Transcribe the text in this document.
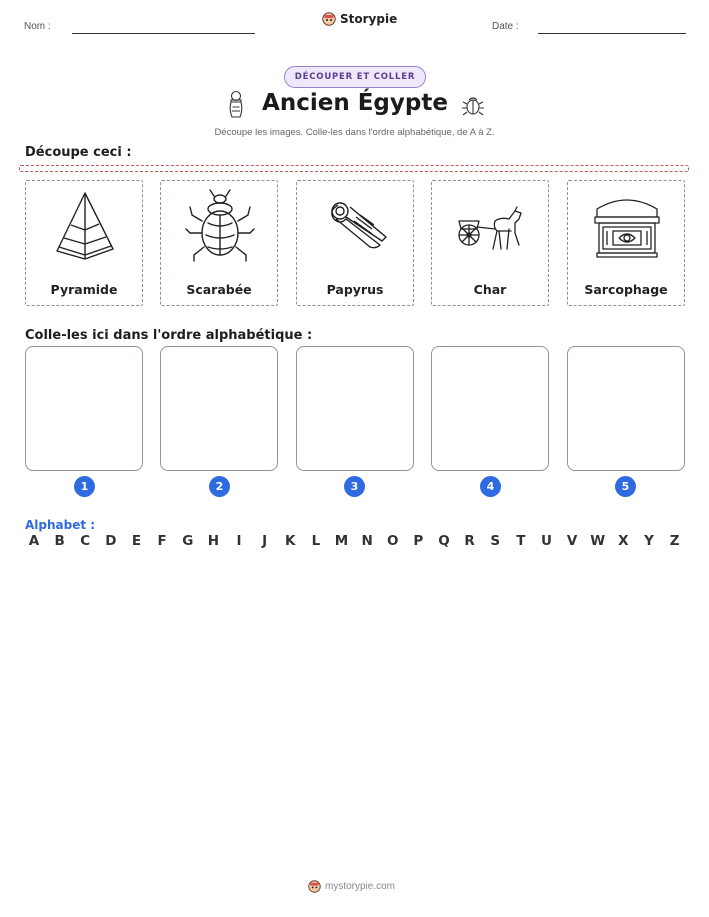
Nom :
Storypie
Date :
DÉCOUPER ET COLLER
Ancien Égypte
Découpe les images. Colle-les dans l'ordre alphabétique, de A à Z.
Découpe ceci :
Pyramide	Scarabée	Papyrus	Char	Sarcophage
Colle-les ici dans l'ordre alphabétique :
1	2	3	4	5
Alphabet :
A B C D	E	F	G H	I	J	K	L	M N O P Q R	S	T	U V W X	Y	Z
mystorypie.com
